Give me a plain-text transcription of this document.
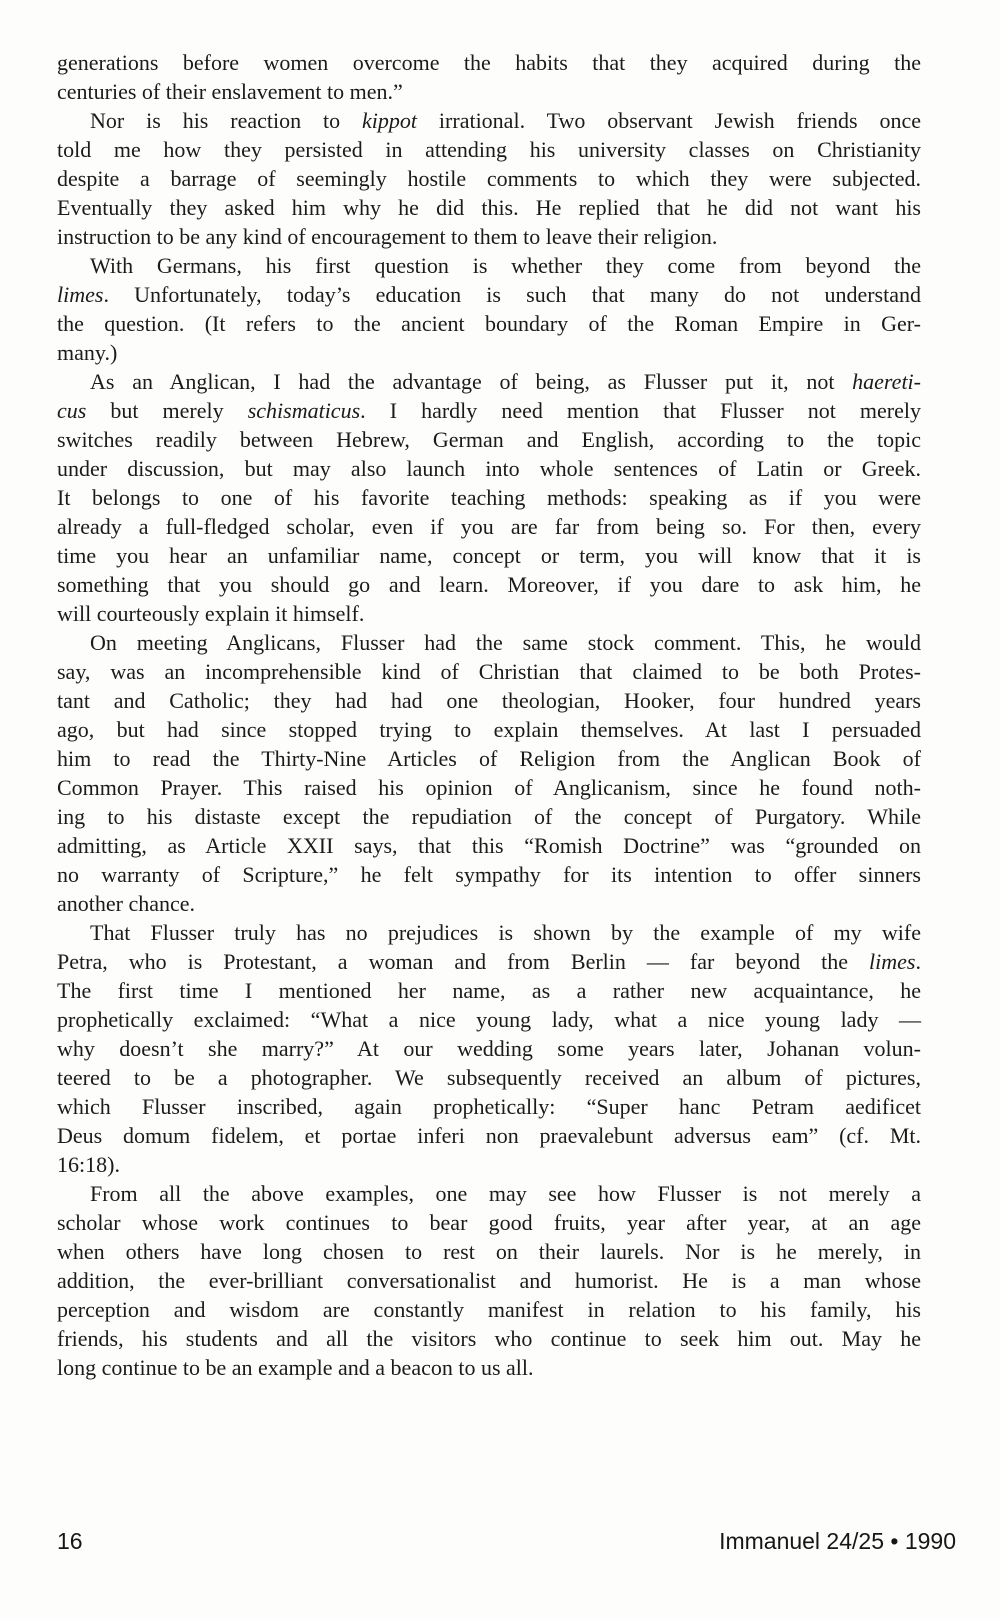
generations before women overcome the habits that they acquired during the
centuries of their enslavement to men.”

Nor is his reaction to kippot irrational. Two observant Jewish friends once
told me how they persisted in attending his university classes on Christianity
despite a barrage of seemingly hostile comments to which they were subjected.
Eventually they asked him why he did this. He replied that he did not want his
instruction to be any kind of encouragement to them to leave their religion.

With Germans, his first question is whether they come from beyond the
limes. Unfortunately, today’s education is such that many do not understand
the question. (It refers to the ancient boundary of the Roman Empire in Ger-
many.)

As an Anglican, I had the advantage of being, as Flusser put it, not haereti-
cus but merely schismaticus. I hardly need mention that Flusser not merely
switches readily between Hebrew, German and English, according to the topic
under discussion, but may also launch into whole sentences of Latin or Greek.
It belongs to one of his favorite teaching methods: speaking as if you were
already a full-fledged scholar, even if you are far from being so. For then, every
time you hear an unfamiliar name, concept or term, you will know that it is
something that you should go and learn. Moreover, if you dare to ask him, he
will courteously explain it himself.

On meeting Anglicans, Flusser had the same stock comment. This, he would
say, was an incomprehensible kind of Christian that claimed to be both Protes-
tant and Catholic; they had had one theologian, Hooker, four hundred years
ago, but had since stopped trying to explain themselves. At last I persuaded
him to read the Thirty-Nine Articles of Religion from the Anglican Book of
Common Prayer. This raised his opinion of Anglicanism, since he found noth-
ing to his distaste except the repudiation of the concept of Purgatory. While
admitting, as Article XXII says, that this “Romish Doctrine” was “grounded on
no warranty of Scripture,” he felt sympathy for its intention to offer sinners
another chance.

That Flusser truly has no prejudices is shown by the example of my wife
Petra, who is Protestant, a woman and from Berlin — far beyond the limes.
The first time I mentioned her name, as a rather new acquaintance, he
prophetically exclaimed: “What a nice young lady, what a nice young lady —
why doesn’t she marry?” At our wedding some years later, Johanan volun-
teered to be a photographer. We subsequently received an album of pictures,
which Flusser inscribed, again prophetically: “Super hanc Petram aedificet
Deus domum fidelem, et portae inferi non praevalebunt adversus eam” (cf. Mt.
16:18).

From all the above examples, one may see how Flusser is not merely a
scholar whose work continues to bear good fruits, year after year, at an age
when others have long chosen to rest on their laurels. Nor is he merely, in
addition, the ever-brilliant conversationalist and humorist. He is a man whose
perception and wisdom are constantly manifest in relation to his family, his
friends, his students and all the visitors who continue to seek him out. May he
long continue to be an example and a beacon to us all.

16	Immanuel 24/25 • 1990
